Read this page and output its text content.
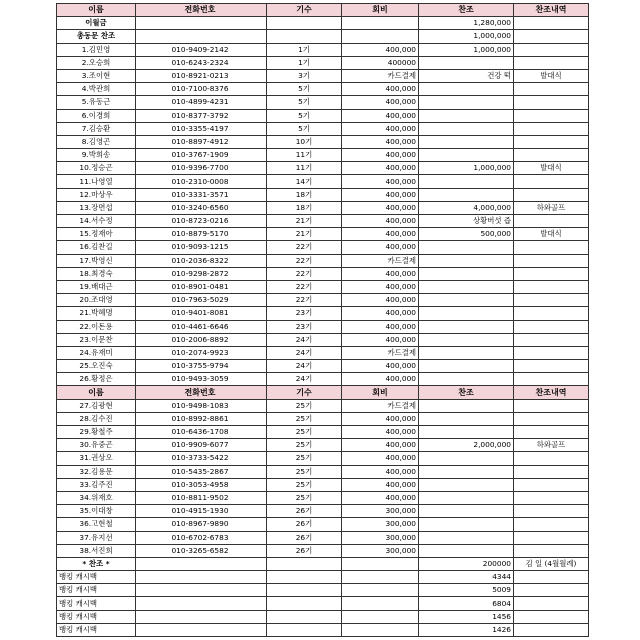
이름	전화번호	기수	회비	찬조	찬조내역
이월금				1,280,000	
총동문 찬조				1,000,000	
1.김민영	010-9409-2142	1기	400,000	1,000,000	
2.오승희	010-6243-2324	1기	400000		
3.조이현	010-8921-0213	3기	카드결제	건강 떡	발대식
4.박관희	010-7100-8376	5기	400,000		
5.유동근	010-4899-4231	5기	400,000		
6.이경희	010-8377-3792	5기	400,000		
7.김승환	010-3355-4197	5기	400,000		
8.김영곤	010-8897-4912	10기	400,000		
9.박희송	010-3767-1909	11기	400,000		
10.정승곤	010-9396-7700	11기	400,000	1,000,000	발대식
11.나영열	010-2310-0008	14기	400,000		
12.마상우	010-3331-3571	18기	400,000		
13.장면섭	010-3240-6560	18기	400,000	4,000,000	하와골프
14.서수정	010-8723-0216	21기	400,000	상황버섯 즙	
15.정재아	010-8879-5170	21기	400,000	500,000	발대식
16.김찬길	010-9093-1215	22기	400,000		
17.박영신	010-2036-8322	22기	카드결제		
18.최경숙	010-9298-2872	22기	400,000		
19.배대근	010-8901-0481	22기	400,000		
20.조대영	010-7963-5029	22기	400,000		
21.박혜명	010-9401-8081	23기	400,000		
22.이돈용	010-4461-6646	23기	400,000		
23.이문찬	010-2006-8892	24기	400,000		
24.유재미	010-2074-9923	24기	카드결제		
25.오진숙	010-3755-9794	24기	400,000		
26.황정은	010-9493-3059	24기	400,000		
이름	전화번호	기수	회비	찬조	찬조내역
27.김광현	010-9498-1083	25기	카드결제		
28.김수진	010-8992-8861	25기	400,000		
29.황철주	010-6436-1708	25기	400,000		
30.유중곤	010-9909-6077	25기	400,000	2,000,000	하와골프
31.권상오	010-3733-5422	25기	400,000		
32.김용문	010-5435-2867	25기	400,000		
33.김주진	010-3053-4958	25기	400,000		
34.위재호	010-8811-9502	25기	400,000		
35.이대창	010-4915-1930	26기	300,000		
36.고현철	010-8967-9890	26기	300,000		
37.유지선	010-6702-6783	26기	300,000		
38.서진희	010-3265-6582	26기	300,000		
* 찬조 *				200000	김 일 (4월월례)
뱅킹 캐시백				4344	
뱅킹 캐시백				5009	
뱅킹 캐시백				6804	
뱅킹 캐시백				1456	
뱅킹 캐시백				1426	
